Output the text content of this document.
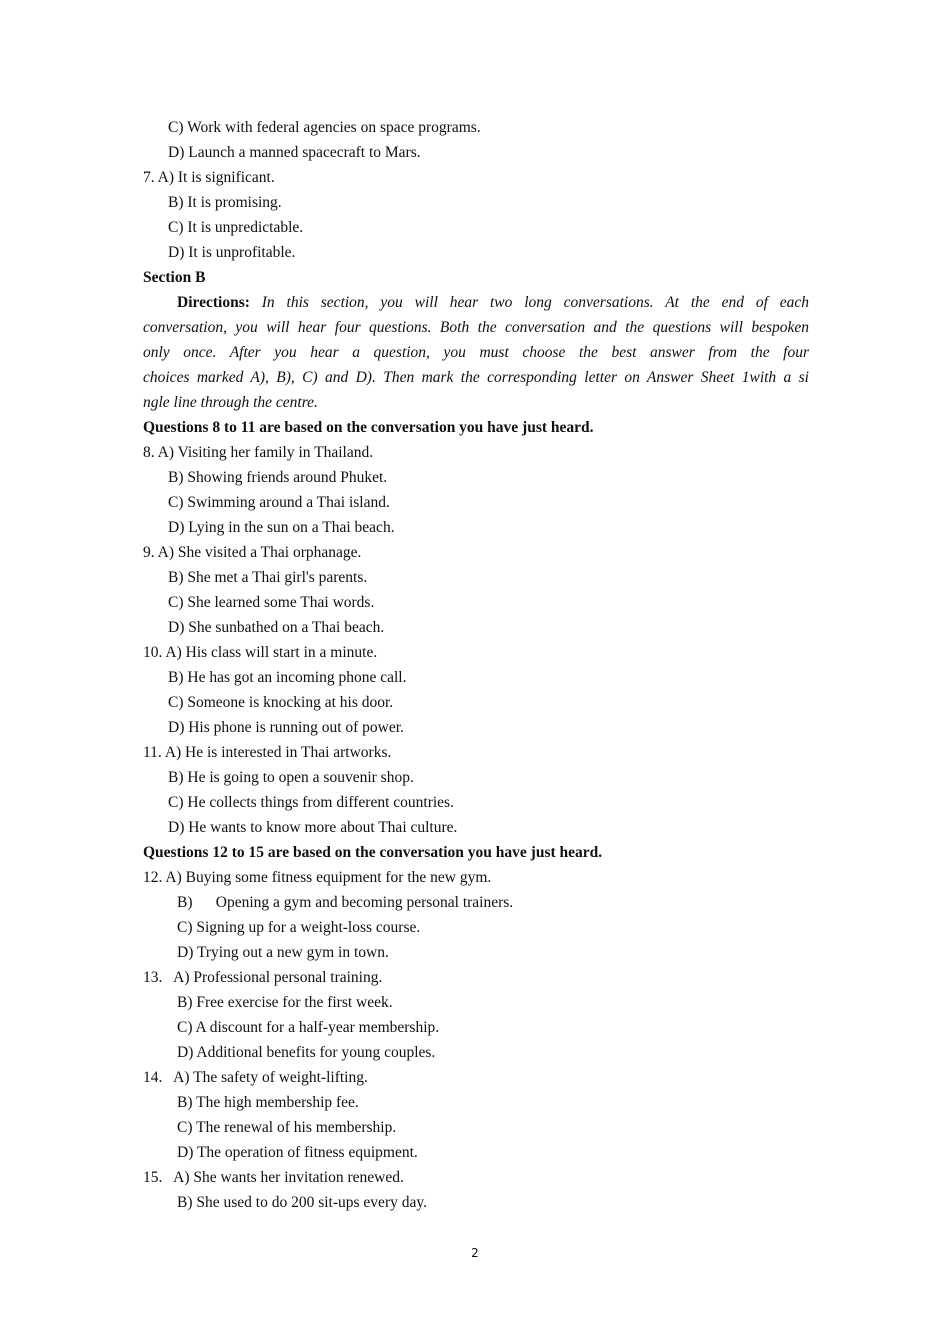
C) Work with federal agencies on space programs.
D) Launch a manned spacecraft to Mars.
7. A) It is significant.
B) It is promising.
C) It is unpredictable.
D) It is unprofitable.
Section B
Directions: In this section, you will hear two long conversations. At the end of each
conversation, you will hear four questions. Both the conversation and the questions will bespoken
only once. After you hear a question, you must choose the best answer from the four
choices marked A), B), C) and D). Then mark the corresponding letter on Answer Sheet 1with a si
ngle line through the centre.
Questions 8 to 11 are based on the conversation you have just heard.
8. A) Visiting her family in Thailand.
B) Showing friends around Phuket.
C) Swimming around a Thai island.
D) Lying in the sun on a Thai beach.
9. A) She visited a Thai orphanage.
B) She met a Thai girl's parents.
C) She learned some Thai words.
D) She sunbathed on a Thai beach.
10. A) His class will start in a minute.
B) He has got an incoming phone call.
C) Someone is knocking at his door.
D) His phone is running out of power.
11. A) He is interested in Thai artworks.
B) He is going to open a souvenir shop.
C) He collects things from different countries.
D) He wants to know more about Thai culture.
Questions 12 to 15 are based on the conversation you have just heard.
12. A) Buying some fitness equipment for the new gym.
B)      Opening a gym and becoming personal trainers.
C) Signing up for a weight-loss course.
D) Trying out a new gym in town.
13.   A) Professional personal training.
B) Free exercise for the first week.
C) A discount for a half-year membership.
D) Additional benefits for young couples.
14.   A) The safety of weight-lifting.
B) The high membership fee.
C) The renewal of his membership.
D) The operation of fitness equipment.
15.   A) She wants her invitation renewed.
B) She used to do 200 sit-ups every day.
2
